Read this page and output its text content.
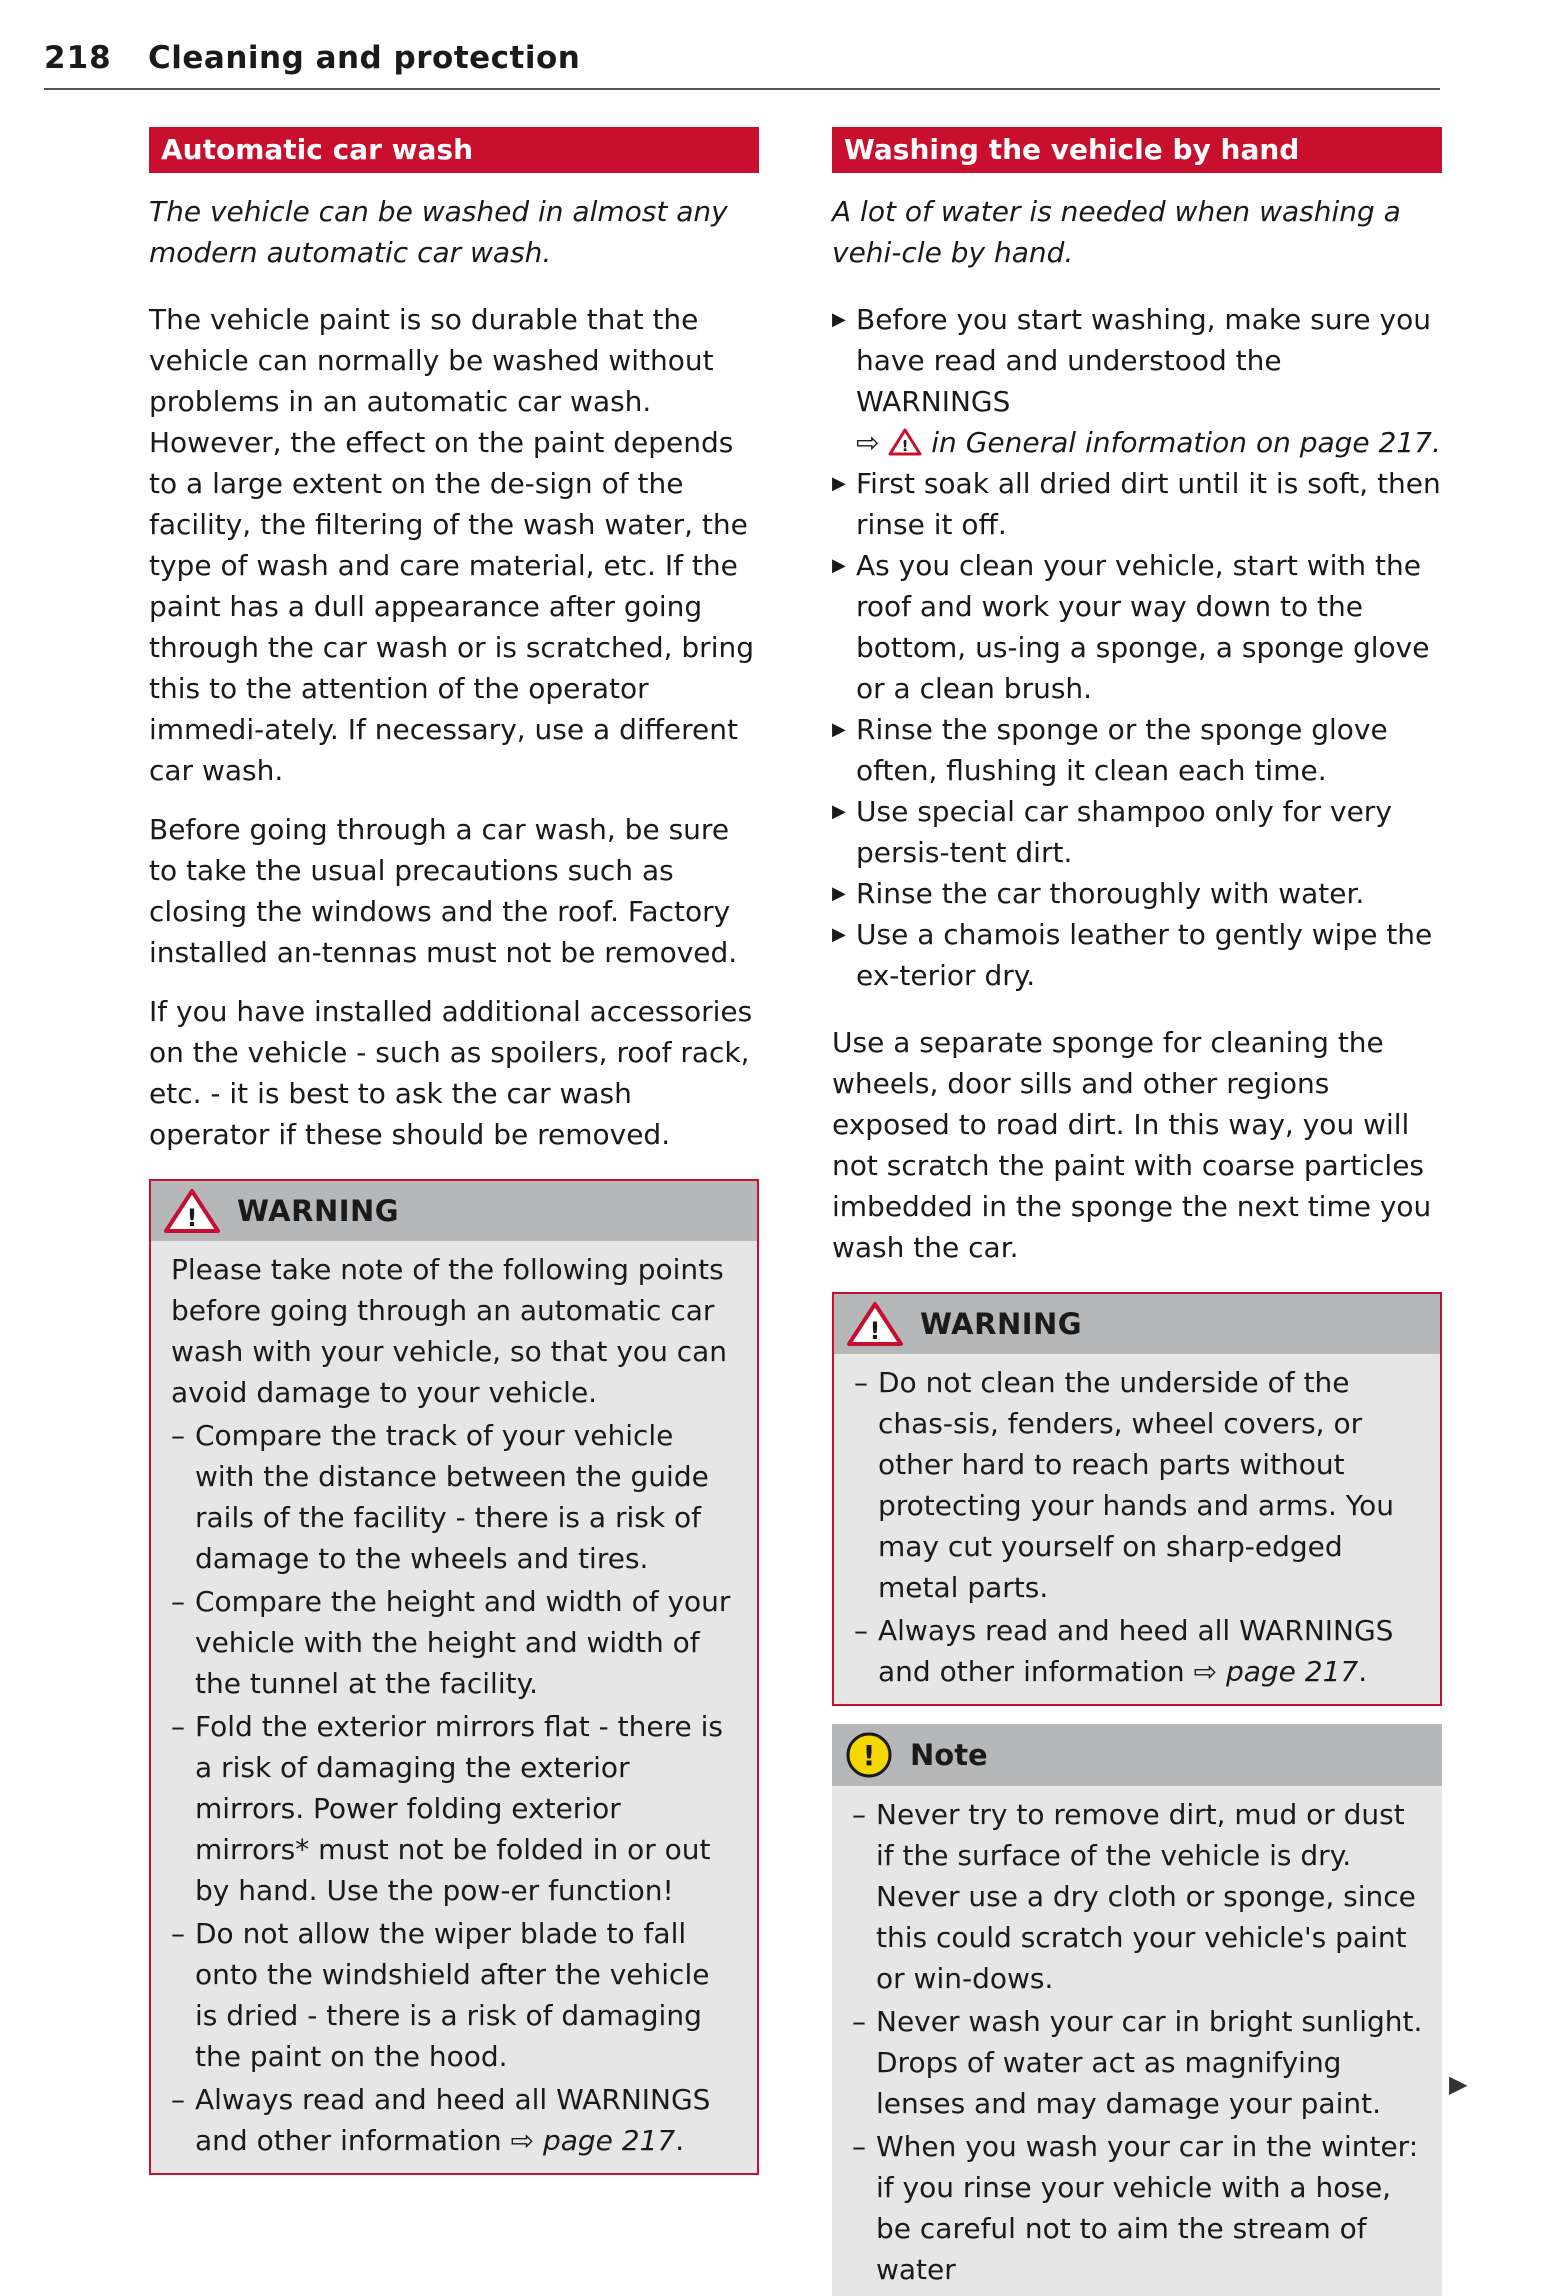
218 Cleaning and protection
Automatic car wash
The vehicle can be washed in almost any modern automatic car wash.

The vehicle paint is so durable that the vehicle can normally be washed without problems in an automatic car wash. However, the effect on the paint depends to a large extent on the de-sign of the facility, the filtering of the wash water, the type of wash and care material, etc. If the paint has a dull appearance after going through the car wash or is scratched, bring this to the attention of the operator immedi-ately. If necessary, use a different car wash.

Before going through a car wash, be sure to take the usual precautions such as closing the windows and the roof. Factory installed an-tennas must not be removed.

If you have installed additional accessories on the vehicle - such as spoilers, roof rack, etc. - it is best to ask the car wash operator if these should be removed.

! WARNING

Please take note of the following points before going through an automatic car wash with your vehicle, so that you can avoid damage to your vehicle.

– Compare the track of your vehicle with the distance between the guide rails of the facility - there is a risk of damage to the wheels and tires.
– Compare the height and width of your vehicle with the height and width of the tunnel at the facility.
– Fold the exterior mirrors flat - there is a risk of damaging the exterior mirrors. Power folding exterior mirrors* must not be folded in or out by hand. Use the pow-er function!
– Do not allow the wiper blade to fall onto the windshield after the vehicle is dried - there is a risk of damaging the paint on the hood.
– Always read and heed all WARNINGS and other information ⇨ page 217.
Washing the vehicle by hand
A lot of water is needed when washing a vehi-cle by hand.
▶ Before you start washing, make sure you have read and understood the WARNINGS
⇨ ! in General information on page 217.
▶ First soak all dried dirt until it is soft, then rinse it off.
▶ As you clean your vehicle, start with the roof and work your way down to the bottom, us-ing a sponge, a sponge glove or a clean brush.
▶ Rinse the sponge or the sponge glove often, flushing it clean each time.
▶ Use special car shampoo only for very persis-tent dirt.
▶ Rinse the car thoroughly with water.
▶ Use a chamois leather to gently wipe the ex-terior dry.

Use a separate sponge for cleaning the wheels, door sills and other regions exposed to road dirt. In this way, you will not scratch the paint with coarse particles imbedded in the sponge the next time you wash the car.

! WARNING
– Do not clean the underside of the chas-sis, fenders, wheel covers, or other hard to reach parts without protecting your hands and arms. You may cut yourself on sharp-edged metal parts.
– Always read and heed all WARNINGS and other information ⇨ page 217.
! Note
– Never try to remove dirt, mud or dust if the surface of the vehicle is dry. Never use a dry cloth or sponge, since this could scratch your vehicle's paint or win-dows.
– Never wash your car in bright sunlight. Drops of water act as magnifying lenses and may damage your paint.
– When you wash your car in the winter: if you rinse your vehicle with a hose, be careful not to aim the stream of water
▶
